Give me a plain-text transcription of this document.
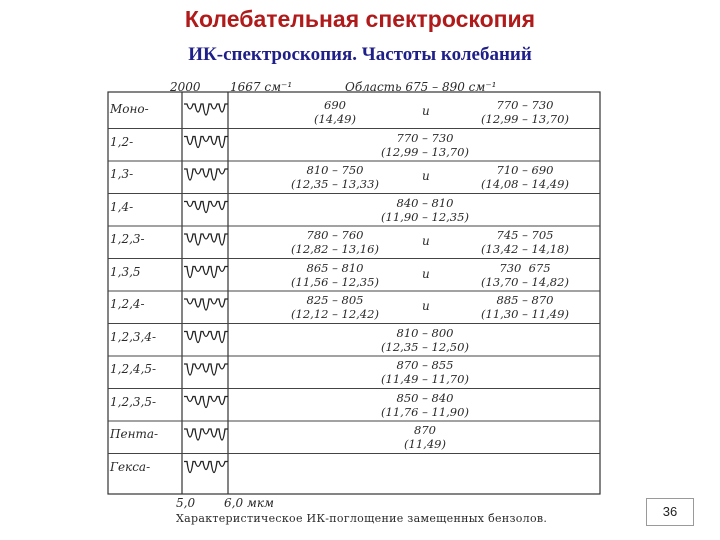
Колебательная спектроскопия
ИК-спектроскопия. Частоты колебаний
2000 1667 см⁻¹	Область 675 – 890 см⁻¹
Моно-	690
(14,49)
и	770 – 730
(12,99 – 13,70)
1,2-	770 – 730
(12,99 – 13,70)
1,3-	810 – 750
(12,35 – 13,33)
и	710 – 690
(14,08 – 14,49)
1,4-	840 – 810
(11,90 – 12,35)
1,2,3-	780 – 760
(12,82 – 13,16)
и	745 – 705
(13,42 – 14,18)
1,3,5	865 – 810
(11,56 – 12,35)
и	730  675
(13,70 – 14,82)
1,2,4-	825 – 805
(12,12 – 12,42)
и	885 – 870
(11,30 – 11,49)
1,2,3,4-	810 – 800
(12,35 – 12,50)
1,2,4,5-	870 – 855
(11,49 – 11,70)
1,2,3,5-	850 – 840
(11,76 – 11,90)
Пента-	870
(11,49)
Гекса-
5,0 6,0 мкм
Характеристическое ИК-поглощение замещенных бензолов.	36
